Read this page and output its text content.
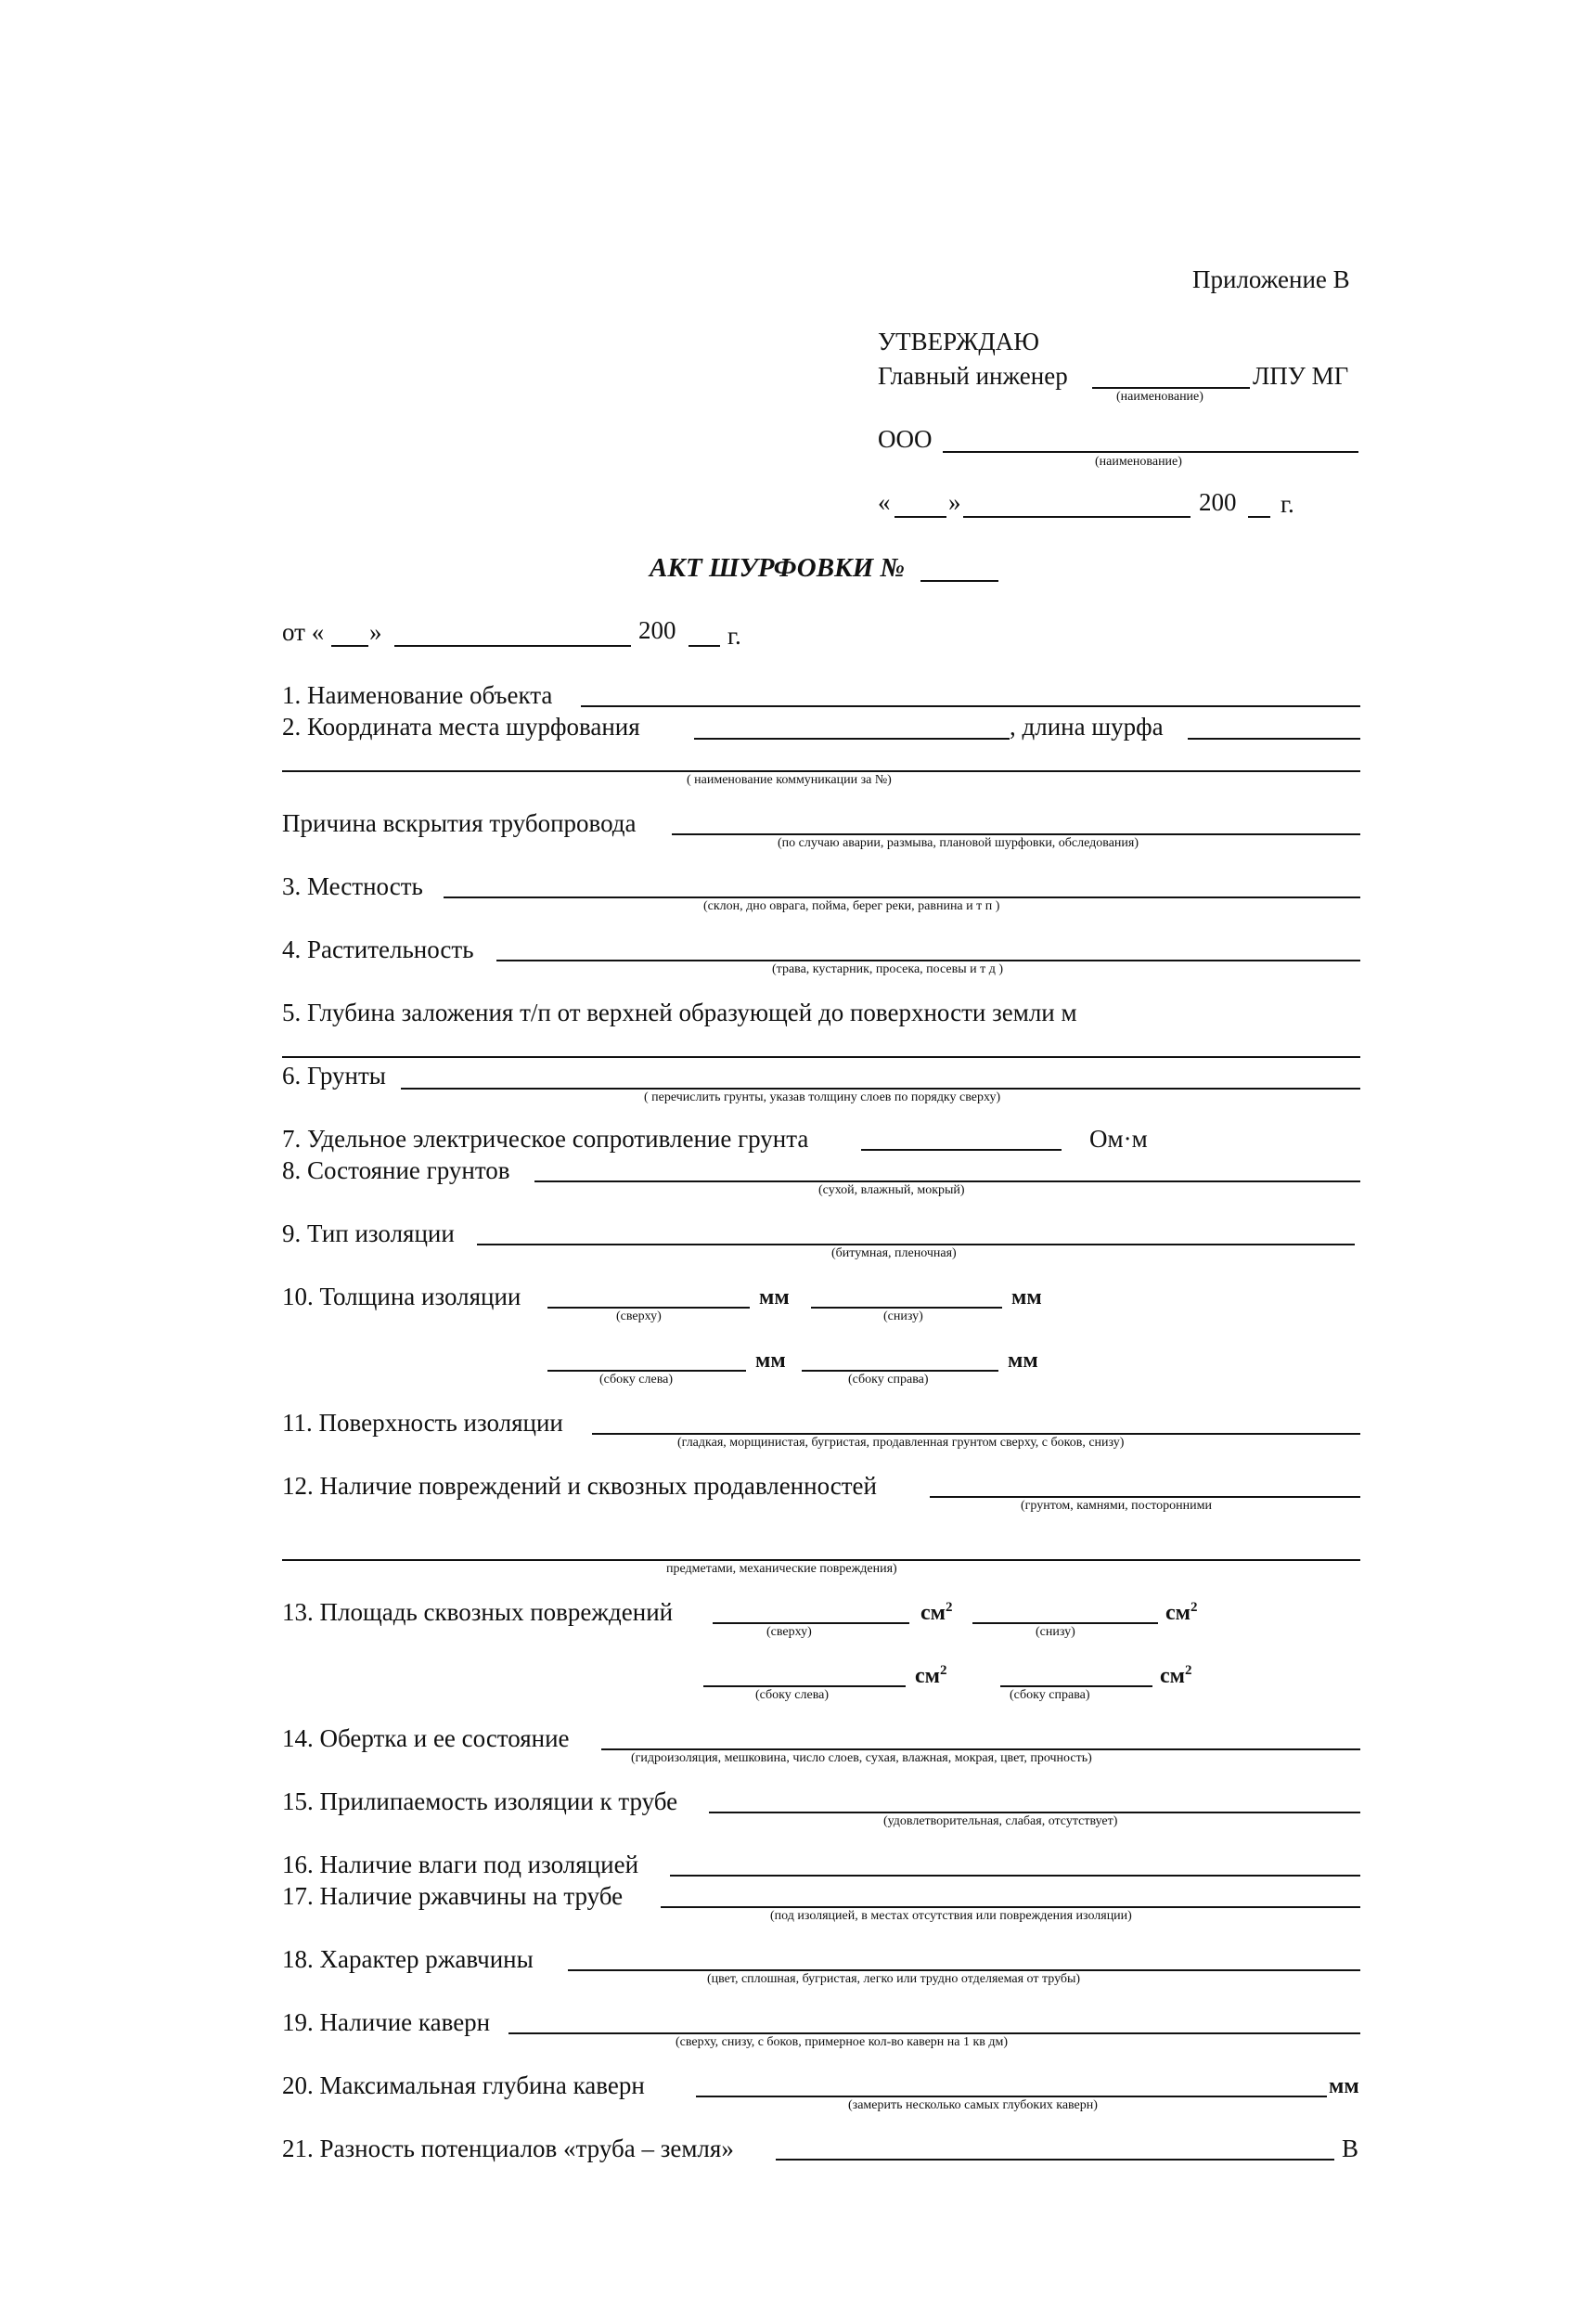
Приложение В
УТВЕРЖДАЮ
Главный инженер
(наименование)
ЛПУ МГ
ООО
(наименование)
« »	200 г.
АКТ ШУРФОВКИ №
от « »	200 г.
1. Наименование объекта
2. Координата места шурфования	, длина шурфа
( наименование коммуникации за №)
Причина вскрытия трубопровода
(по случаю аварии, размыва, плановой шурфовки, обследования)
3. Местность
(склон, дно оврага, пойма, берег реки, равнина и т п )
4. Растительность
(трава, кустарник, просека, посевы и т д )
5. Глубина заложения т/п от верхней образующей до поверхности земли м
6. Грунты
( перечислить грунты, указав толщину слоев по порядку сверху)
7. Удельное электрическое сопротивление грунта	Ом·м
8. Состояние грунтов
(сухой, влажный, мокрый)
9. Тип изоляции
(битумная, пленочная)
10. Толщина изоляции
(сверху)
мм
(снизу)
мм
(сбоку слева)
мм
(сбоку справа)
мм
11. Поверхность изоляции
(гладкая, морщинистая, бугристая, продавленная грунтом сверху, с боков, снизу)
12. Наличие повреждений и сквозных продавленностей
(грунтом, камнями, посторонними
предметами, механические повреждения)
13. Площадь сквозных повреждений
(сверху)
$см^2$
(снизу)
$см^2$
(сбоку слева)
$см^2$
(сбоку справа)
$см^2$
14. Обертка и ее состояние
(гидроизоляция, мешковина, число слоев, сухая, влажная, мокрая, цвет, прочность)
15. Прилипаемость изоляции к трубе
(удовлетворительная, слабая, отсутствует)
16. Наличие влаги под изоляцией
17. Наличие ржавчины на трубе
(под изоляцией, в местах отсутствия или повреждения изоляции)
18. Характер ржавчины
(цвет, сплошная, бугристая, легко или трудно отделяемая от трубы)
19. Наличие каверн
(сверху, снизу, с боков, примерное кол-во каверн на 1 кв дм)
20. Максимальная глубина каверн
(замерить несколько самых глубоких каверн)
мм
21. Разность потенциалов «труба – земля»	В
